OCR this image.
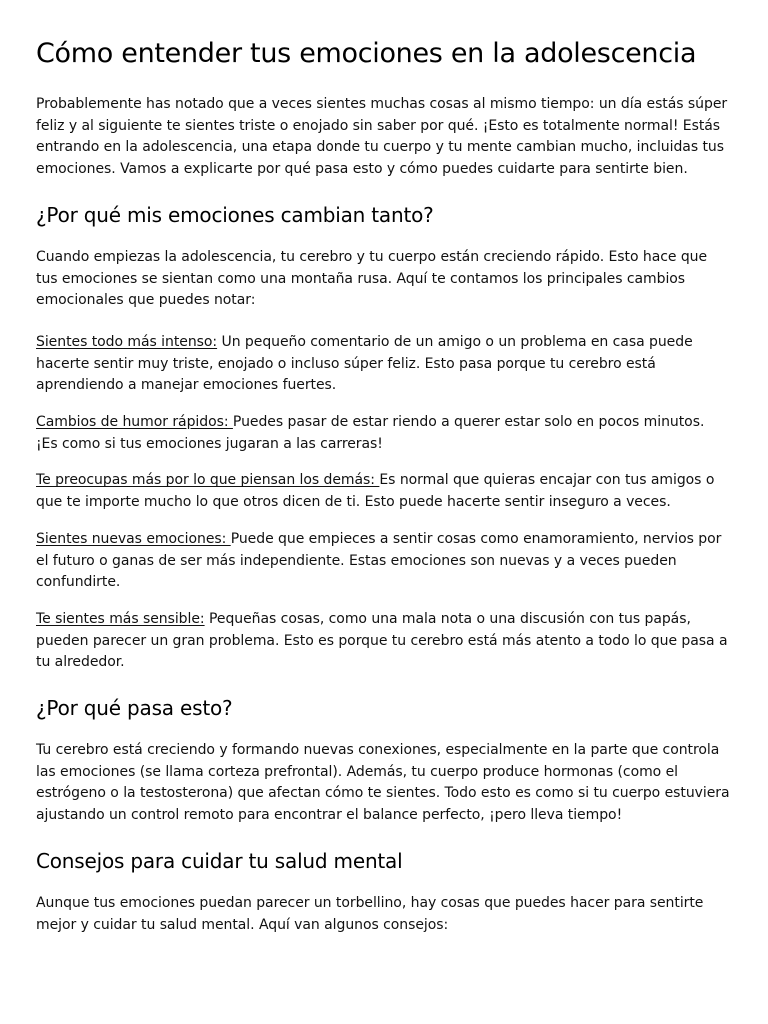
Cómo entender tus emociones en la adolescencia

Probablemente has notado que a veces sientes muchas cosas al mismo tiempo: un día estás súper feliz y al siguiente te sientes triste o enojado sin saber por qué. ¡Esto es totalmente normal! Estás entrando en la adolescencia, una etapa donde tu cuerpo y tu mente cambian mucho, incluidas tus emociones. Vamos a explicarte por qué pasa esto y cómo puedes cuidarte para sentirte bien.

¿Por qué mis emociones cambian tanto?

Cuando empiezas la adolescencia, tu cerebro y tu cuerpo están creciendo rápido. Esto hace que tus emociones se sientan como una montaña rusa. Aquí te contamos los principales cambios emocionales que puedes notar:

Sientes todo más intenso: Un pequeño comentario de un amigo o un problema en casa puede hacerte sentir muy triste, enojado o incluso súper feliz. Esto pasa porque tu cerebro está aprendiendo a manejar emociones fuertes.

Cambios de humor rápidos: Puedes pasar de estar riendo a querer estar solo en pocos minutos. ¡Es como si tus emociones jugaran a las carreras!

Te preocupas más por lo que piensan los demás: Es normal que quieras encajar con tus amigos o que te importe mucho lo que otros dicen de ti. Esto puede hacerte sentir inseguro a veces.

Sientes nuevas emociones: Puede que empieces a sentir cosas como enamoramiento, nervios por el futuro o ganas de ser más independiente. Estas emociones son nuevas y a veces pueden confundirte.

Te sientes más sensible: Pequeñas cosas, como una mala nota o una discusión con tus papás, pueden parecer un gran problema. Esto es porque tu cerebro está más atento a todo lo que pasa a tu alrededor.

¿Por qué pasa esto?

Tu cerebro está creciendo y formando nuevas conexiones, especialmente en la parte que controla las emociones (se llama corteza prefrontal). Además, tu cuerpo produce hormonas (como el estrógeno o la testosterona) que afectan cómo te sientes. Todo esto es como si tu cuerpo estuviera ajustando un control remoto para encontrar el balance perfecto, ¡pero lleva tiempo!

Consejos para cuidar tu salud mental

Aunque tus emociones puedan parecer un torbellino, hay cosas que puedes hacer para sentirte mejor y cuidar tu salud mental. Aquí van algunos consejos:
